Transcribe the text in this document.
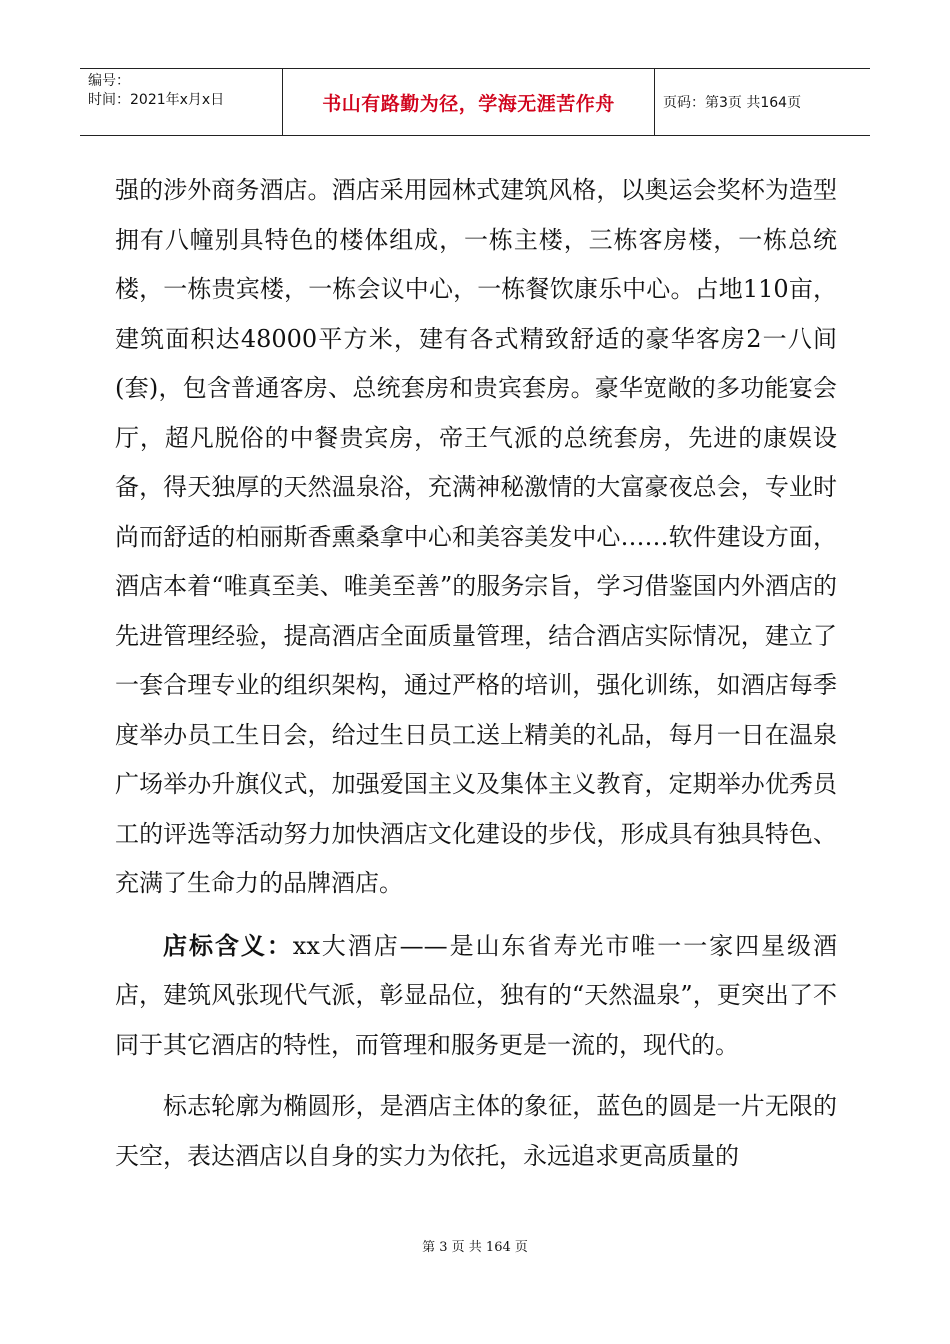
编号：
时间：2021年x月x日	书山有路勤为径，学海无涯苦作舟	页码：第3页 共164页

强的涉外商务酒店。酒店采用园林式建筑风格，以奥运会奖杯为造型拥有八幢别具特色的楼体组成，一栋主楼，三栋客房楼，一栋总统楼，一栋贵宾楼，一栋会议中心，一栋餐饮康乐中心。占地110亩，建筑面积达48000平方米，建有各式精致舒适的豪华客房2一八间(套)，包含普通客房、总统套房和贵宾套房。豪华宽敞的多功能宴会厅，超凡脱俗的中餐贵宾房，帝王气派的总统套房，先进的康娱设备，得天独厚的天然温泉浴，充满神秘激情的大富豪夜总会，专业时尚而舒适的柏丽斯香熏桑拿中心和美容美发中心……软件建设方面，酒店本着“唯真至美、唯美至善”的服务宗旨，学习借鉴国内外酒店的先进管理经验，提高酒店全面质量管理，结合酒店实际情况，建立了一套合理专业的组织架构，通过严格的培训，强化训练，如酒店每季度举办员工生日会，给过生日员工送上精美的礼品，每月一日在温泉广场举办升旗仪式，加强爱国主义及集体主义教育，定期举办优秀员工的评选等活动努力加快酒店文化建设的步伐，形成具有独具特色、充满了生命力的品牌酒店。

店标含义：xx大酒店——是山东省寿光市唯一一家四星级酒店，建筑风张现代气派，彰显品位，独有的“天然温泉”，更突出了不同于其它酒店的特性，而管理和服务更是一流的，现代的。

标志轮廓为椭圆形，是酒店主体的象征，蓝色的圆是一片无限的天空，表达酒店以自身的实力为依托，永远追求更高质量的

第 3 页 共 164 页
